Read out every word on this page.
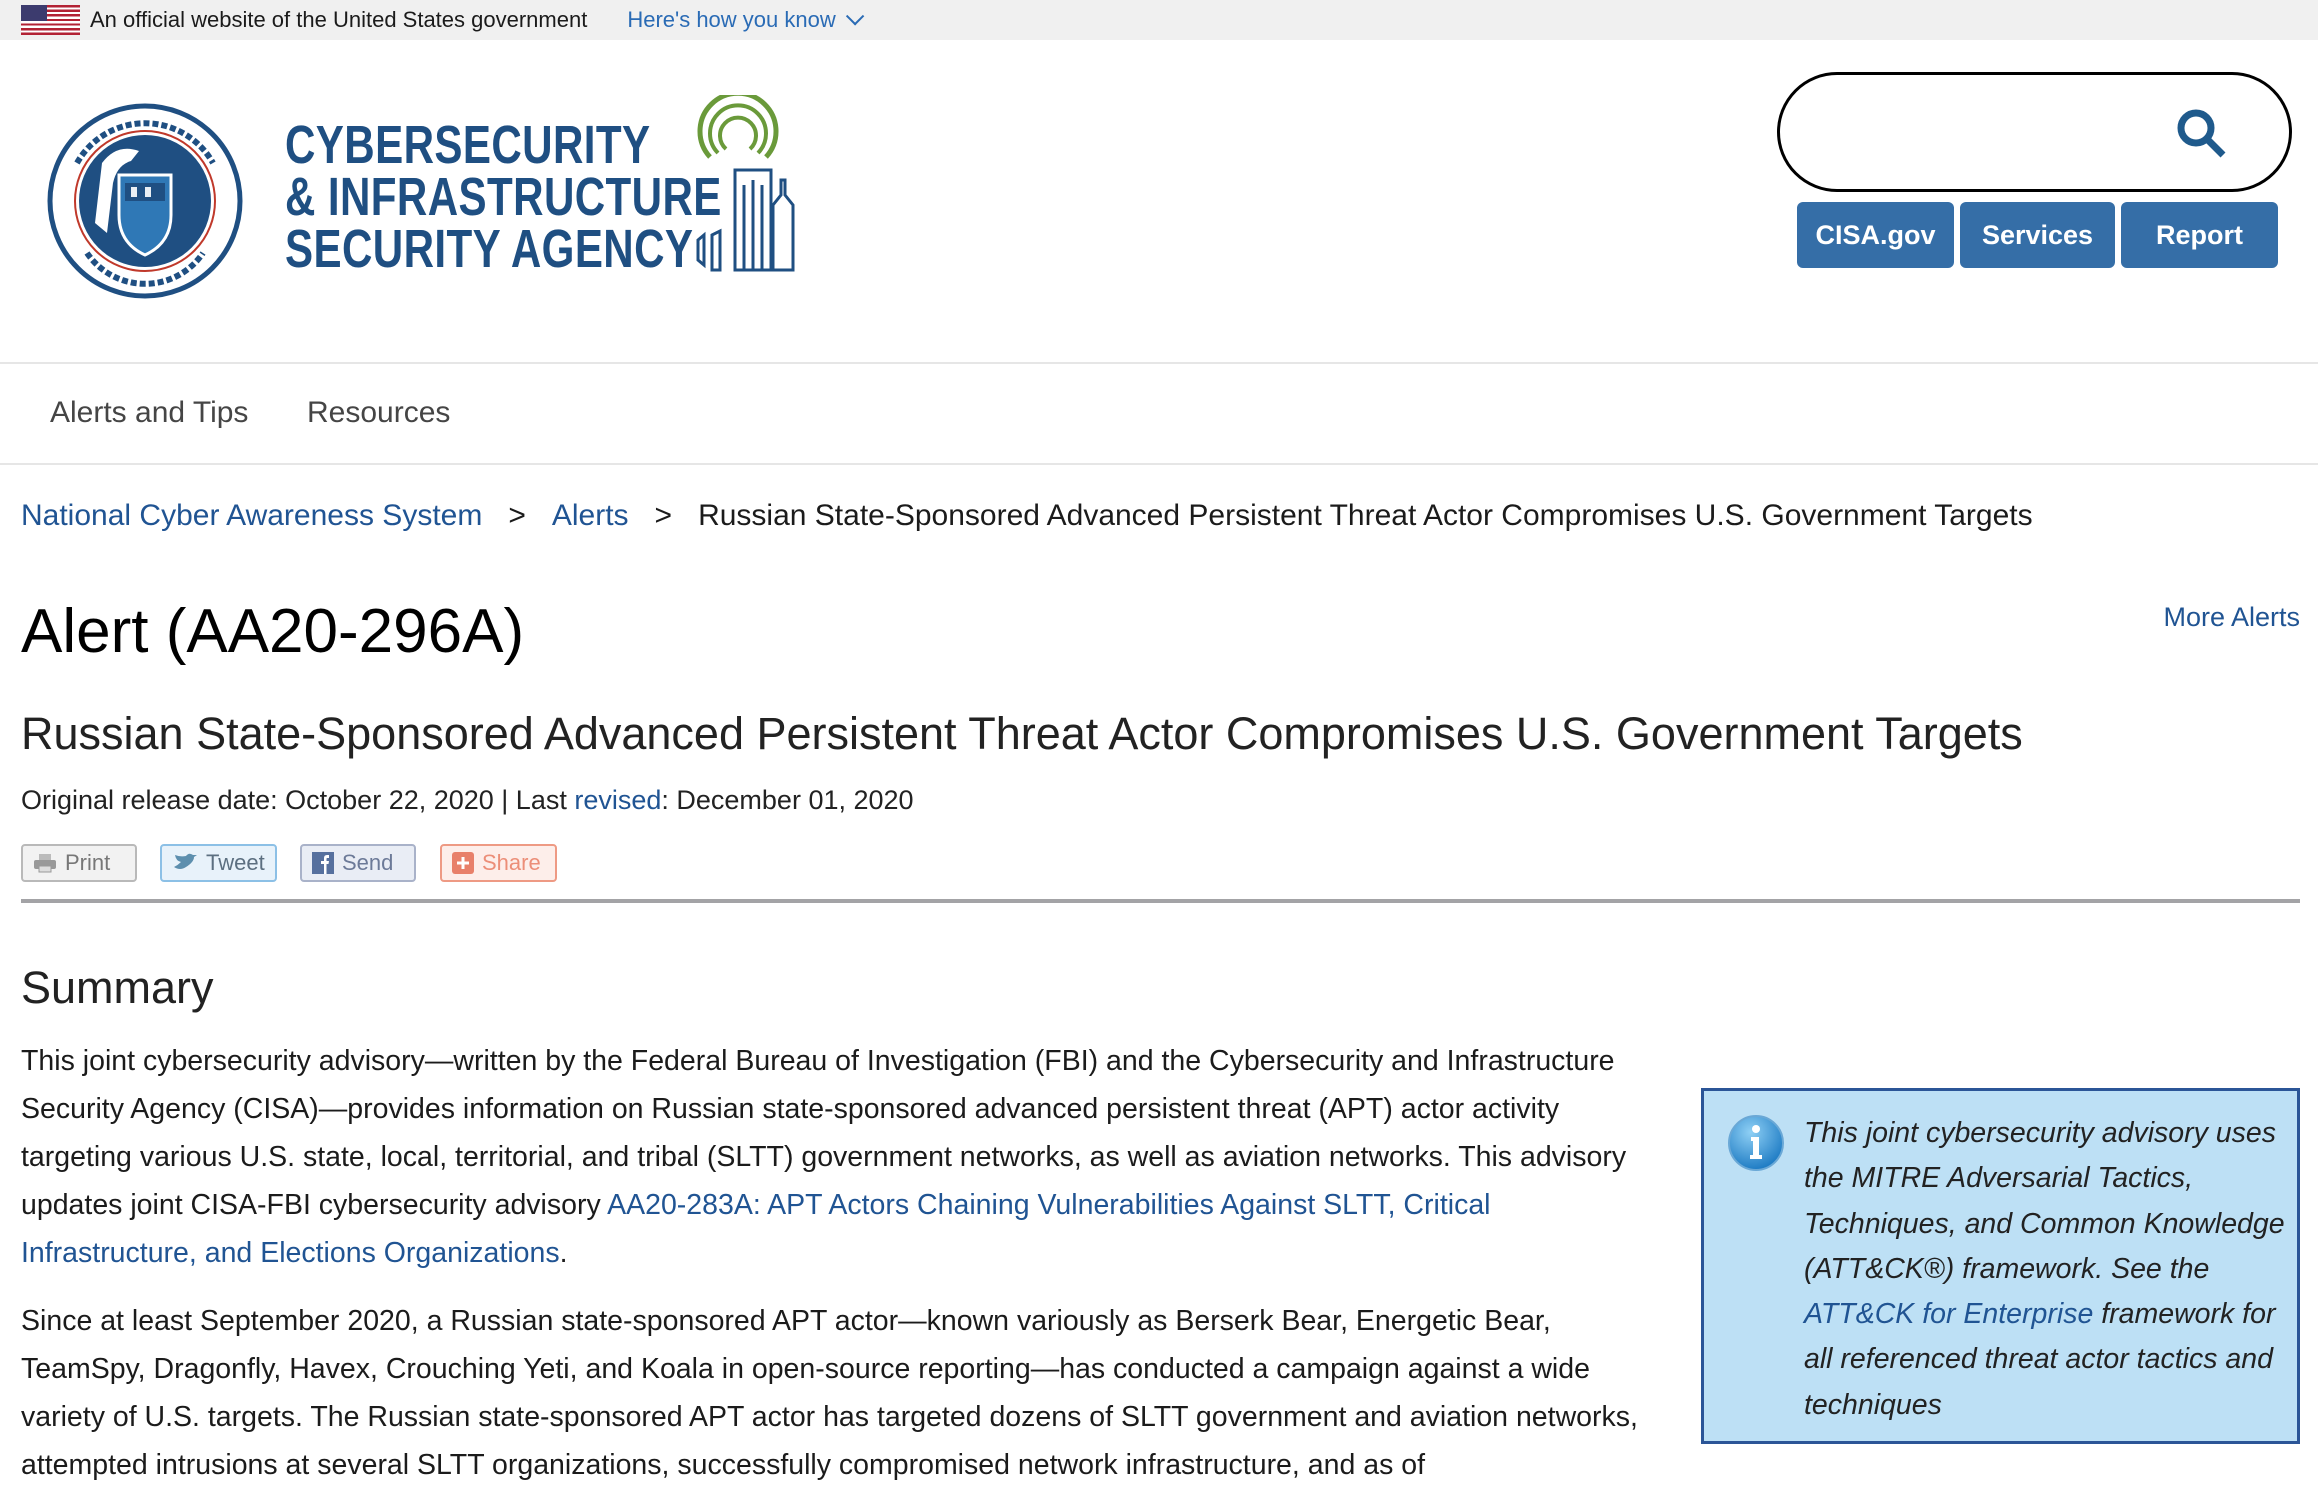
An official website of the United States government Here's how you know
CYBERSECURITY
& INFRASTRUCTURE
SECURITY AGENCY	CISA.gov	Services	Report
Alerts and Tips Resources
National Cyber Awareness System > Alerts > Russian State-Sponsored Advanced Persistent Threat Actor Compromises U.S. Government Targets
Alert (AA20-296A)	More Alerts
Russian State-Sponsored Advanced Persistent Threat Actor Compromises U.S. Government Targets
Original release date: October 22, 2020 | Last revised: December 01, 2020
Print	Tweet	Send	Share
Summary

This joint cybersecurity advisory—written by the Federal Bureau of Investigation (FBI) and the Cybersecurity and Infrastructure Security Agency (CISA)—provides information on Russian state-sponsored advanced persistent threat (APT) actor activity targeting various U.S. state, local, territorial, and tribal (SLTT) government networks, as well as aviation networks. This advisory updates joint CISA-FBI cybersecurity advisory AA20-283A: APT Actors Chaining Vulnerabilities Against SLTT, Critical Infrastructure, and Elections Organizations.

Since at least September 2020, a Russian state-sponsored APT actor—known variously as Berserk Bear, Energetic Bear, TeamSpy, Dragonfly, Havex, Crouching Yeti, and Koala in open-source reporting—has conducted a campaign against a wide variety of U.S. targets. The Russian state-sponsored APT actor has targeted dozens of SLTT government and aviation networks, attempted intrusions at several SLTT organizations, successfully compromised network infrastructure, and as of

This joint cybersecurity advisory uses the MITRE Adversarial Tactics, Techniques, and Common Knowledge (ATT&CK®) framework. See the ATT&CK for Enterprise framework for all referenced threat actor tactics and techniques
